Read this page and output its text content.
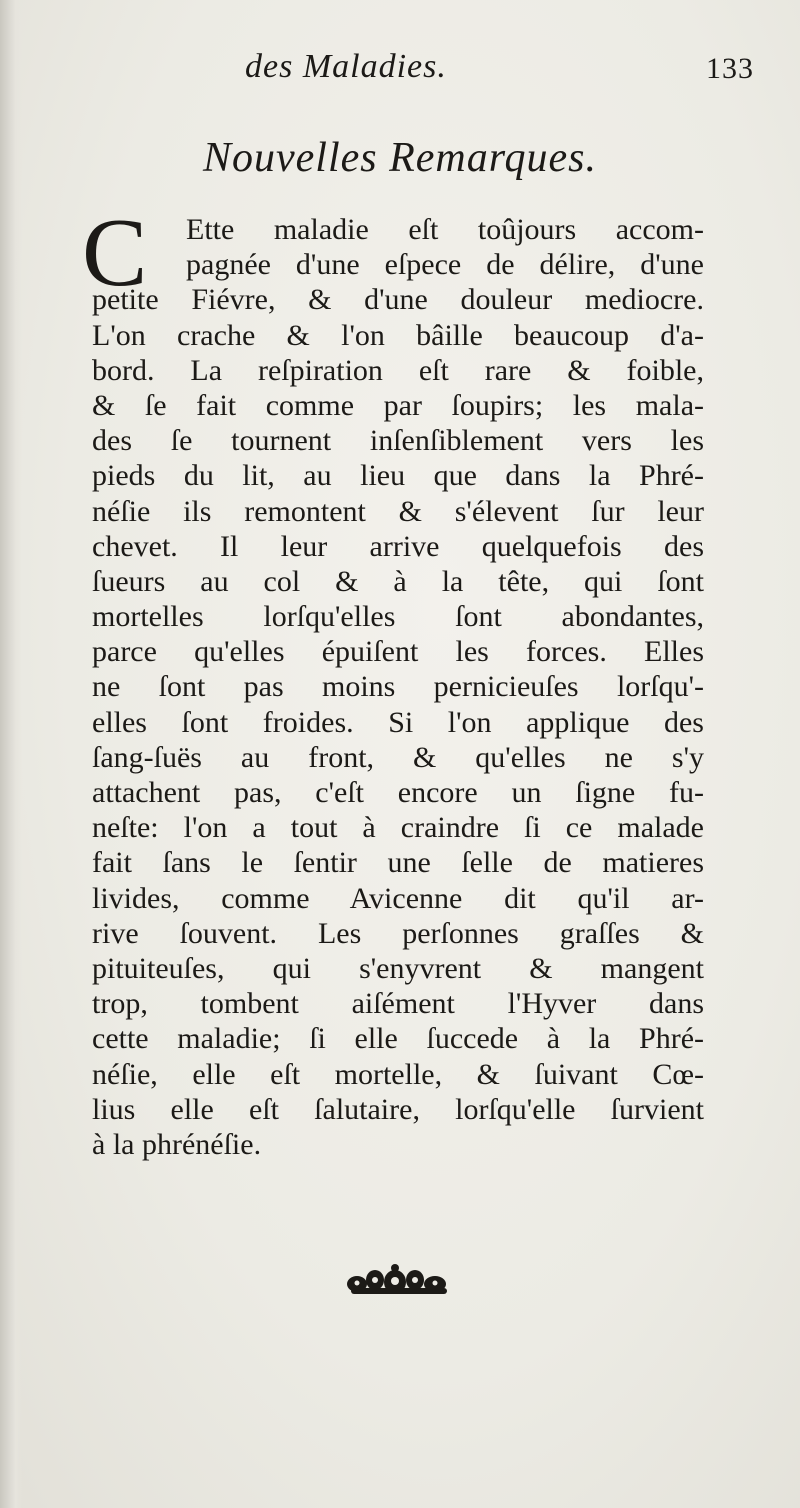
des Maladies.	133
Nouvelles Remarques.
C	Ette maladie eſt toûjours accom-
pagnée d'une eſpece de délire, d'une
petite Fiévre, & d'une douleur mediocre.
L'on crache & l'on bâille beaucoup d'a-
bord. La reſpiration eſt rare & foible,
& ſe fait comme par ſoupirs; les mala-
des ſe tournent inſenſiblement vers les
pieds du lit, au lieu que dans la Phré-
néſie ils remontent & s'élevent ſur leur
chevet. Il leur arrive quelquefois des
ſueurs au col & à la tête, qui ſont
mortelles lorſqu'elles ſont abondantes,
parce qu'elles épuiſent les forces. Elles
ne ſont pas moins pernicieuſes lorſqu'-
elles ſont froides. Si l'on applique des
ſang-ſuës au front, & qu'elles ne s'y
attachent pas, c'eſt encore un ſigne fu-
neſte: l'on a tout à craindre ſi ce malade
fait ſans le ſentir une ſelle de matieres
livides, comme Avicenne dit qu'il ar-
rive ſouvent. Les perſonnes graſſes &
pituiteuſes, qui s'enyvrent & mangent
trop, tombent aiſément l'Hyver dans
cette maladie; ſi elle ſuccede à la Phré-
néſie, elle eſt mortelle, & ſuivant Cœ-
lius elle eſt ſalutaire, lorſqu'elle ſurvient
à la phrénéſie.
